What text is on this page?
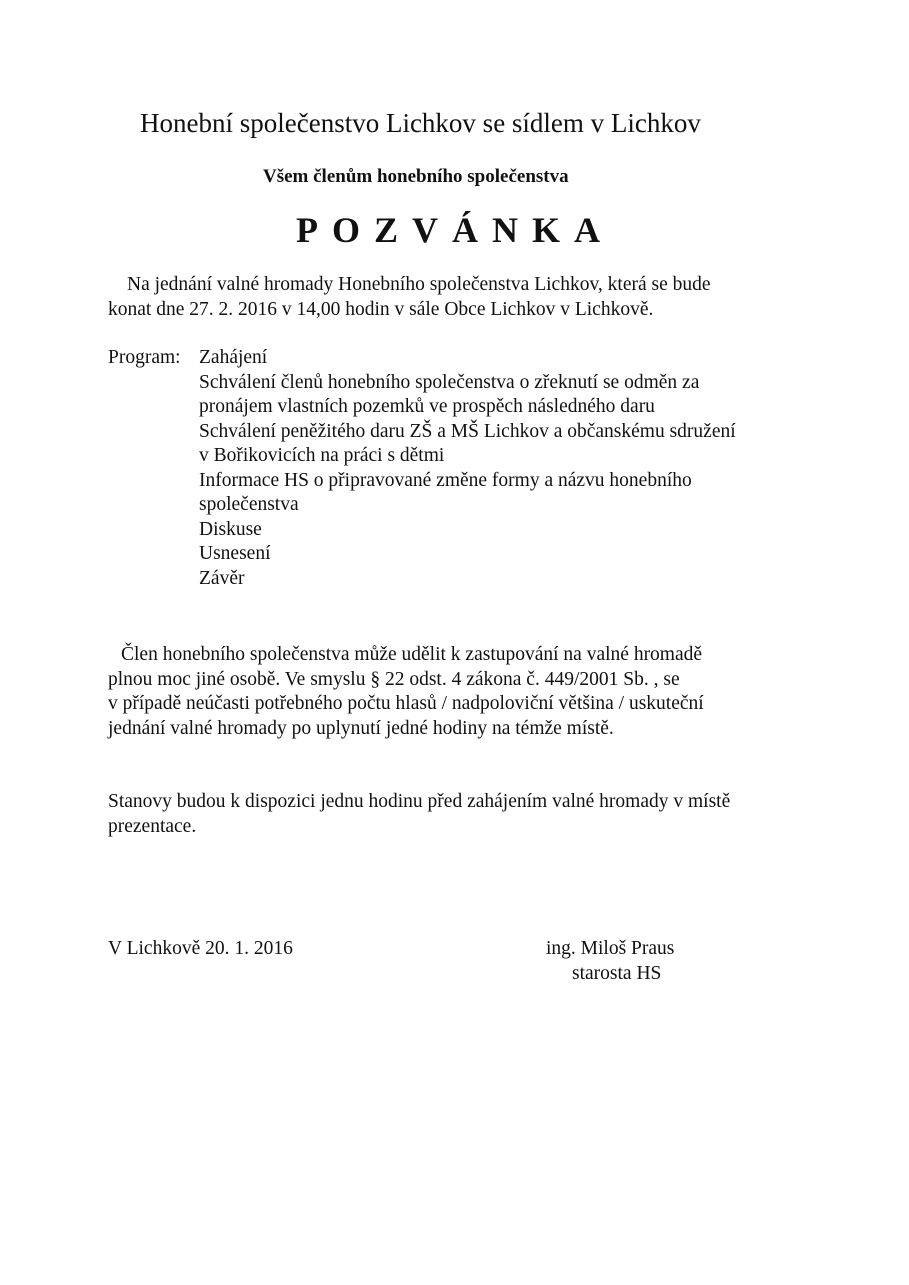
Honební společenstvo Lichkov se sídlem v Lichkov
Všem členům honebního společenstva
POZVÁNKA
Na jednání valné hromady Honebního společenstva Lichkov, která se bude
konat dne 27. 2. 2016 v 14,00 hodin v sále Obce Lichkov v Lichkově.
Program: Zahájení
Schválení členů honebního společenstva o zřeknutí se odměn za
pronájem vlastních pozemků ve prospěch následného daru
Schválení peněžitého daru ZŠ a MŠ Lichkov a občanskému sdružení
v Bořikovicích na práci s dětmi
Informace HS o připravované změne formy a názvu honebního
společenstva
Diskuse
Usnesení
Závěr
Člen honebního společenstva může udělit k zastupování na valné hromadě
plnou moc jiné osobě. Ve smyslu § 22 odst. 4 zákona č. 449/2001 Sb. , se
v případě neúčasti potřebného počtu hlasů / nadpoloviční většina / uskuteční
jednání valné hromady po uplynutí jedné hodiny na témže místě.
Stanovy budou k dispozici jednu hodinu před zahájením valné hromady v místě
prezentace.
V Lichkově 20. 1. 2016	ing. Miloš Praus
starosta HS
